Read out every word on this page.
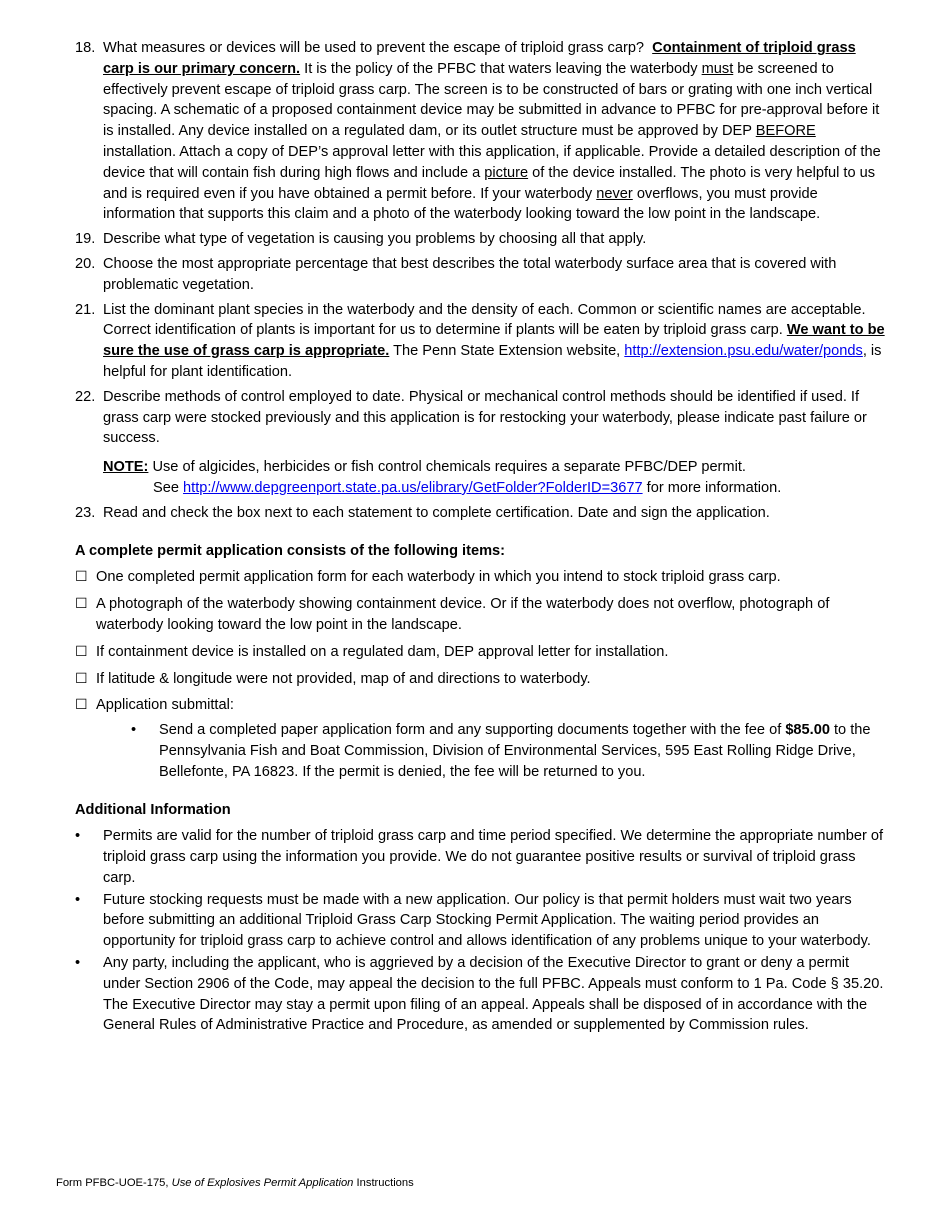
18. What measures or devices will be used to prevent the escape of triploid grass carp? Containment of triploid grass carp is our primary concern. It is the policy of the PFBC that waters leaving the waterbody must be screened to effectively prevent escape of triploid grass carp. The screen is to be constructed of bars or grating with one inch vertical spacing. A schematic of a proposed containment device may be submitted in advance to PFBC for pre-approval before it is installed. Any device installed on a regulated dam, or its outlet structure must be approved by DEP BEFORE installation. Attach a copy of DEP’s approval letter with this application, if applicable. Provide a detailed description of the device that will contain fish during high flows and include a picture of the device installed. The photo is very helpful to us and is required even if you have obtained a permit before. If your waterbody never overflows, you must provide information that supports this claim and a photo of the waterbody looking toward the low point in the landscape.
19. Describe what type of vegetation is causing you problems by choosing all that apply.
20. Choose the most appropriate percentage that best describes the total waterbody surface area that is covered with problematic vegetation.
21. List the dominant plant species in the waterbody and the density of each. Common or scientific names are acceptable. Correct identification of plants is important for us to determine if plants will be eaten by triploid grass carp. We want to be sure the use of grass carp is appropriate. The Penn State Extension website, http://extension.psu.edu/water/ponds, is helpful for plant identification.
22. Describe methods of control employed to date. Physical or mechanical control methods should be identified if used. If grass carp were stocked previously and this application is for restocking your waterbody, please indicate past failure or success.
NOTE: Use of algicides, herbicides or fish control chemicals requires a separate PFBC/DEP permit.
See http://www.depgreenport.state.pa.us/elibrary/GetFolder?FolderID=3677 for more information.
23. Read and check the box next to each statement to complete certification. Date and sign the application.
A complete permit application consists of the following items:
☐ One completed permit application form for each waterbody in which you intend to stock triploid grass carp.
☐ A photograph of the waterbody showing containment device. Or if the waterbody does not overflow, photograph of waterbody looking toward the low point in the landscape.
☐ If containment device is installed on a regulated dam, DEP approval letter for installation.
☐ If latitude & longitude were not provided, map of and directions to waterbody.
☐ Application submittal:
• Send a completed paper application form and any supporting documents together with the fee of $85.00 to the Pennsylvania Fish and Boat Commission, Division of Environmental Services, 595 East Rolling Ridge Drive, Bellefonte, PA 16823. If the permit is denied, the fee will be returned to you.
Additional Information
• Permits are valid for the number of triploid grass carp and time period specified. We determine the appropriate number of triploid grass carp using the information you provide. We do not guarantee positive results or survival of triploid grass carp.
• Future stocking requests must be made with a new application. Our policy is that permit holders must wait two years before submitting an additional Triploid Grass Carp Stocking Permit Application. The waiting period provides an opportunity for triploid grass carp to achieve control and allows identification of any problems unique to your waterbody.
• Any party, including the applicant, who is aggrieved by a decision of the Executive Director to grant or deny a permit under Section 2906 of the Code, may appeal the decision to the full PFBC. Appeals must conform to 1 Pa. Code § 35.20. The Executive Director may stay a permit upon filing of an appeal. Appeals shall be disposed of in accordance with the General Rules of Administrative Practice and Procedure, as amended or supplemented by Commission rules.
Form PFBC-UOE-175, Use of Explosives Permit Application Instructions
